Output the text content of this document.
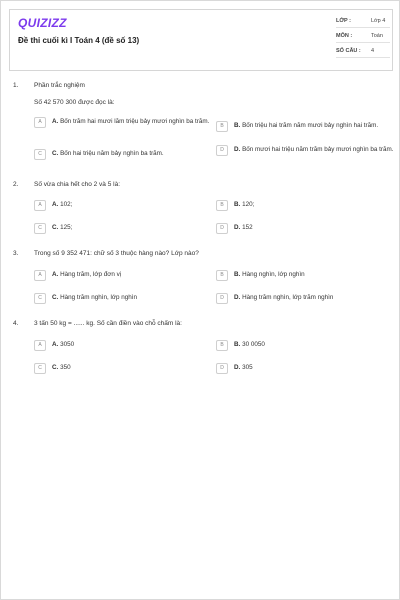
QUIZIZZ
Đề thi cuối kì I Toán 4 (đề số 13)
LỚP :	Lớp 4
MÔN :	Toán
SỐ CÂU : 4
1. Phần trắc nghiệm
Số 42 570 300 được đọc là:
A	A. Bốn trăm hai mươi lăm triệu bảy mươi nghìn ba trăm.
B	B. Bốn triệu hai trăm năm mươi bảy nghìn hai trăm.
C	C. Bốn hai triệu năm bảy nghìn ba trăm.	D	D. Bốn mươi hai triệu năm trăm bảy mươi nghìn ba trăm.
2. Số vừa chia hết cho 2 và 5 là:
A	A. 102;	B	B. 120;
C	C. 125;	D	D. 152
3. Trong số 9 352 471: chữ số 3 thuộc hàng nào? Lớp nào?
A	A. Hàng trăm, lớp đơn vị	B	B. Hàng nghìn, lớp nghìn
C	C. Hàng trăm nghìn, lớp nghìn	D	D. Hàng trăm nghìn, lớp trăm nghìn
4. 3 tấn 50 kg = ...... kg. Số cần điền vào chỗ chấm là:
A	A. 3050	B	B. 30 0050
C	C. 350	D	D. 305
